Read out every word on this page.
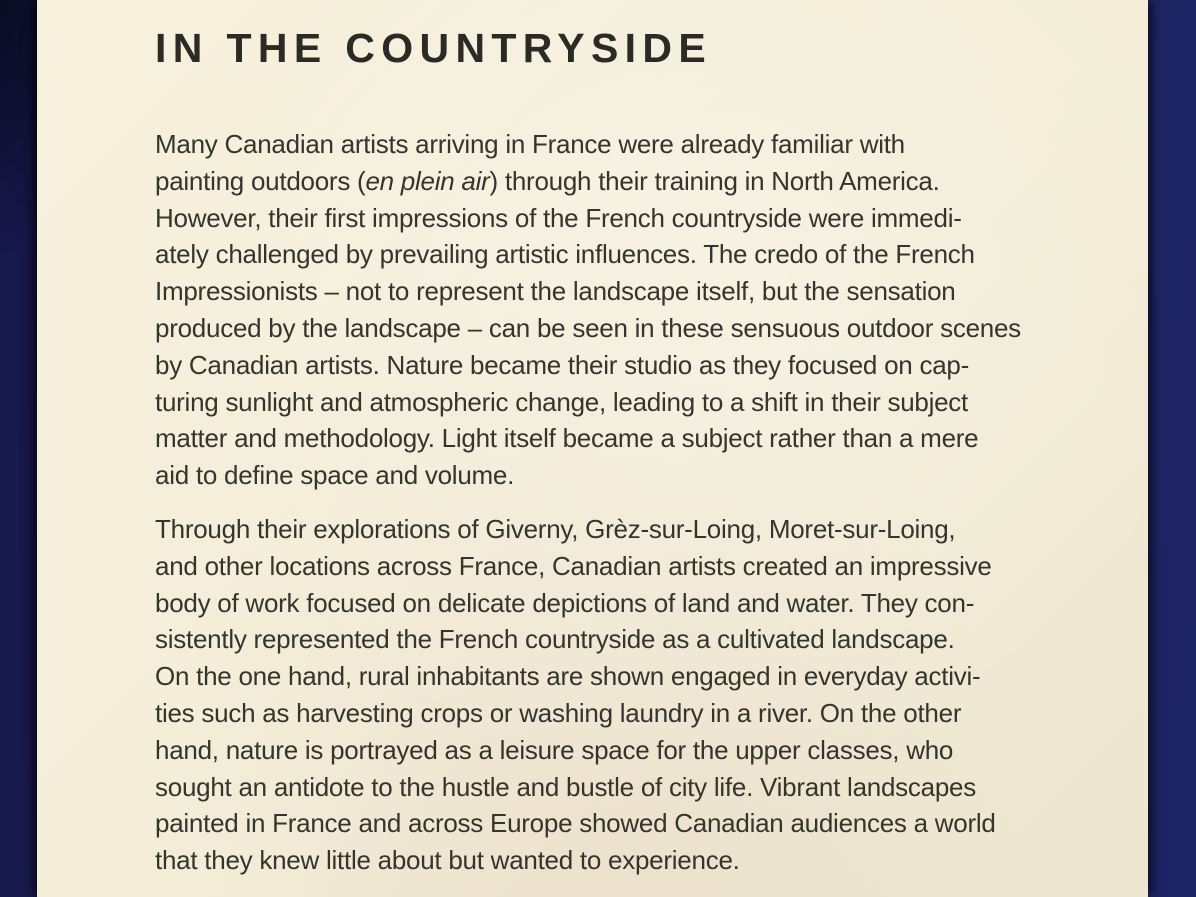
IN THE COUNTRYSIDE
Many Canadian artists arriving in France were already familiar with
painting outdoors (en plein air) through their training in North America.
However, their first impressions of the French countryside were immedi-
ately challenged by prevailing artistic influences. The credo of the French
Impressionists – not to represent the landscape itself, but the sensation
produced by the landscape – can be seen in these sensuous outdoor scenes
by Canadian artists. Nature became their studio as they focused on cap-
turing sunlight and atmospheric change, leading to a shift in their subject
matter and methodology. Light itself became a subject rather than a mere
aid to define space and volume.
Through their explorations of Giverny, Grèz-sur-Loing, Moret-sur-Loing,
and other locations across France, Canadian artists created an impressive
body of work focused on delicate depictions of land and water. They con-
sistently represented the French countryside as a cultivated landscape.
On the one hand, rural inhabitants are shown engaged in everyday activi-
ties such as harvesting crops or washing laundry in a river. On the other
hand, nature is portrayed as a leisure space for the upper classes, who
sought an antidote to the hustle and bustle of city life. Vibrant landscapes
painted in France and across Europe showed Canadian audiences a world
that they knew little about but wanted to experience.
